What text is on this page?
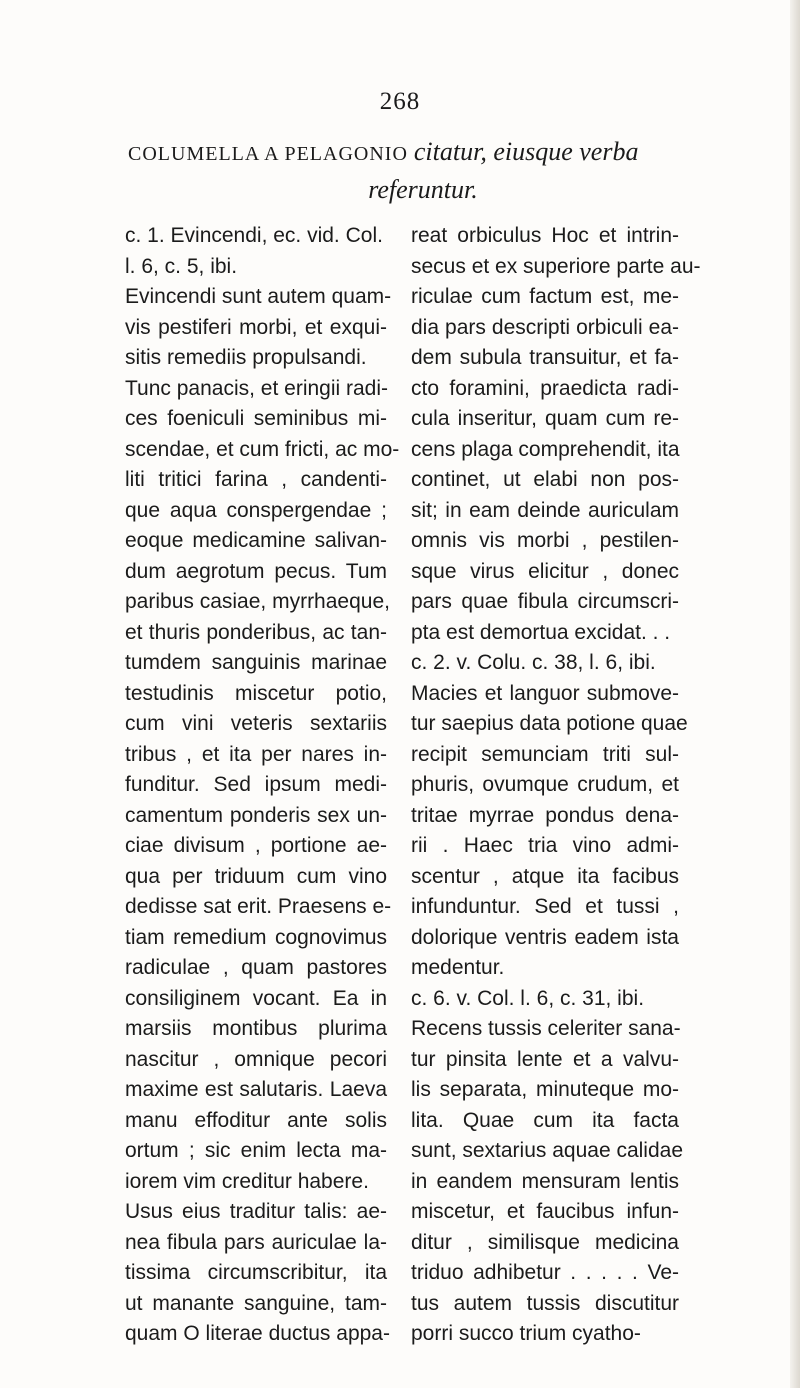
268
COLUMELLA A PELAGONIO citatur, eiusque verba
referuntur.
c. 1. Evincendi, ec. vid. Col.
l. 6, c. 5, ibi.
Evincendi sunt autem quam-
vis pestiferi morbi, et exqui-
sitis remediis propulsandi.
Tunc panacis, et eringii radi-
ces foeniculi seminibus mi-
scendae, et cum fricti, ac mo-
liti tritici farina , candenti-
que aqua conspergendae ;
eoque medicamine salivan-
dum aegrotum pecus. Tum
paribus casiae, myrrhaeque,
et thuris ponderibus, ac tan-
tumdem sanguinis marinae
testudinis miscetur potio,
cum vini veteris sextariis
tribus , et ita per nares in-
funditur. Sed ipsum medi-
camentum ponderis sex un-
ciae divisum , portione ae-
qua per triduum cum vino
dedisse sat erit. Praesens e-
tiam remedium cognovimus
radiculae , quam pastores
consiliginem vocant. Ea in
marsiis montibus plurima
nascitur , omnique pecori
maxime est salutaris. Laeva
manu effoditur ante solis
ortum ; sic enim lecta ma-
iorem vim creditur habere.
Usus eius traditur talis: ae-
nea fibula pars auriculae la-
tissima circumscribitur, ita
ut manante sanguine, tam-
quam O literae ductus appa-
reat orbiculus Hoc et intrin-
secus et ex superiore parte au-
riculae cum factum est, me-
dia pars descripti orbiculi ea-
dem subula transuitur, et fa-
cto foramini, praedicta radi-
cula inseritur, quam cum re-
cens plaga comprehendit, ita
continet, ut elabi non pos-
sit; in eam deinde auriculam
omnis vis morbi , pestilen-
sque virus elicitur , donec
pars quae fibula circumscri-
pta est demortua excidat. . .
c. 2. v. Colu. c. 38, l. 6, ibi.
Macies et languor submove-
tur saepius data potione quae
recipit semunciam triti sul-
phuris, ovumque crudum, et
tritae myrrae pondus dena-
rii . Haec tria vino admi-
scentur , atque ita facibus
infunduntur. Sed et tussi ,
dolorique ventris eadem ista
medentur.
c. 6. v. Col. l. 6, c. 31, ibi.
Recens tussis celeriter sana-
tur pinsita lente et a valvu-
lis separata, minuteque mo-
lita. Quae cum ita facta
sunt, sextarius aquae calidae
in eandem mensuram lentis
miscetur, et faucibus infun-
ditur , similisque medicina
triduo adhibetur . . . . . Ve-
tus autem tussis discutitur
porri succo trium cyatho-
